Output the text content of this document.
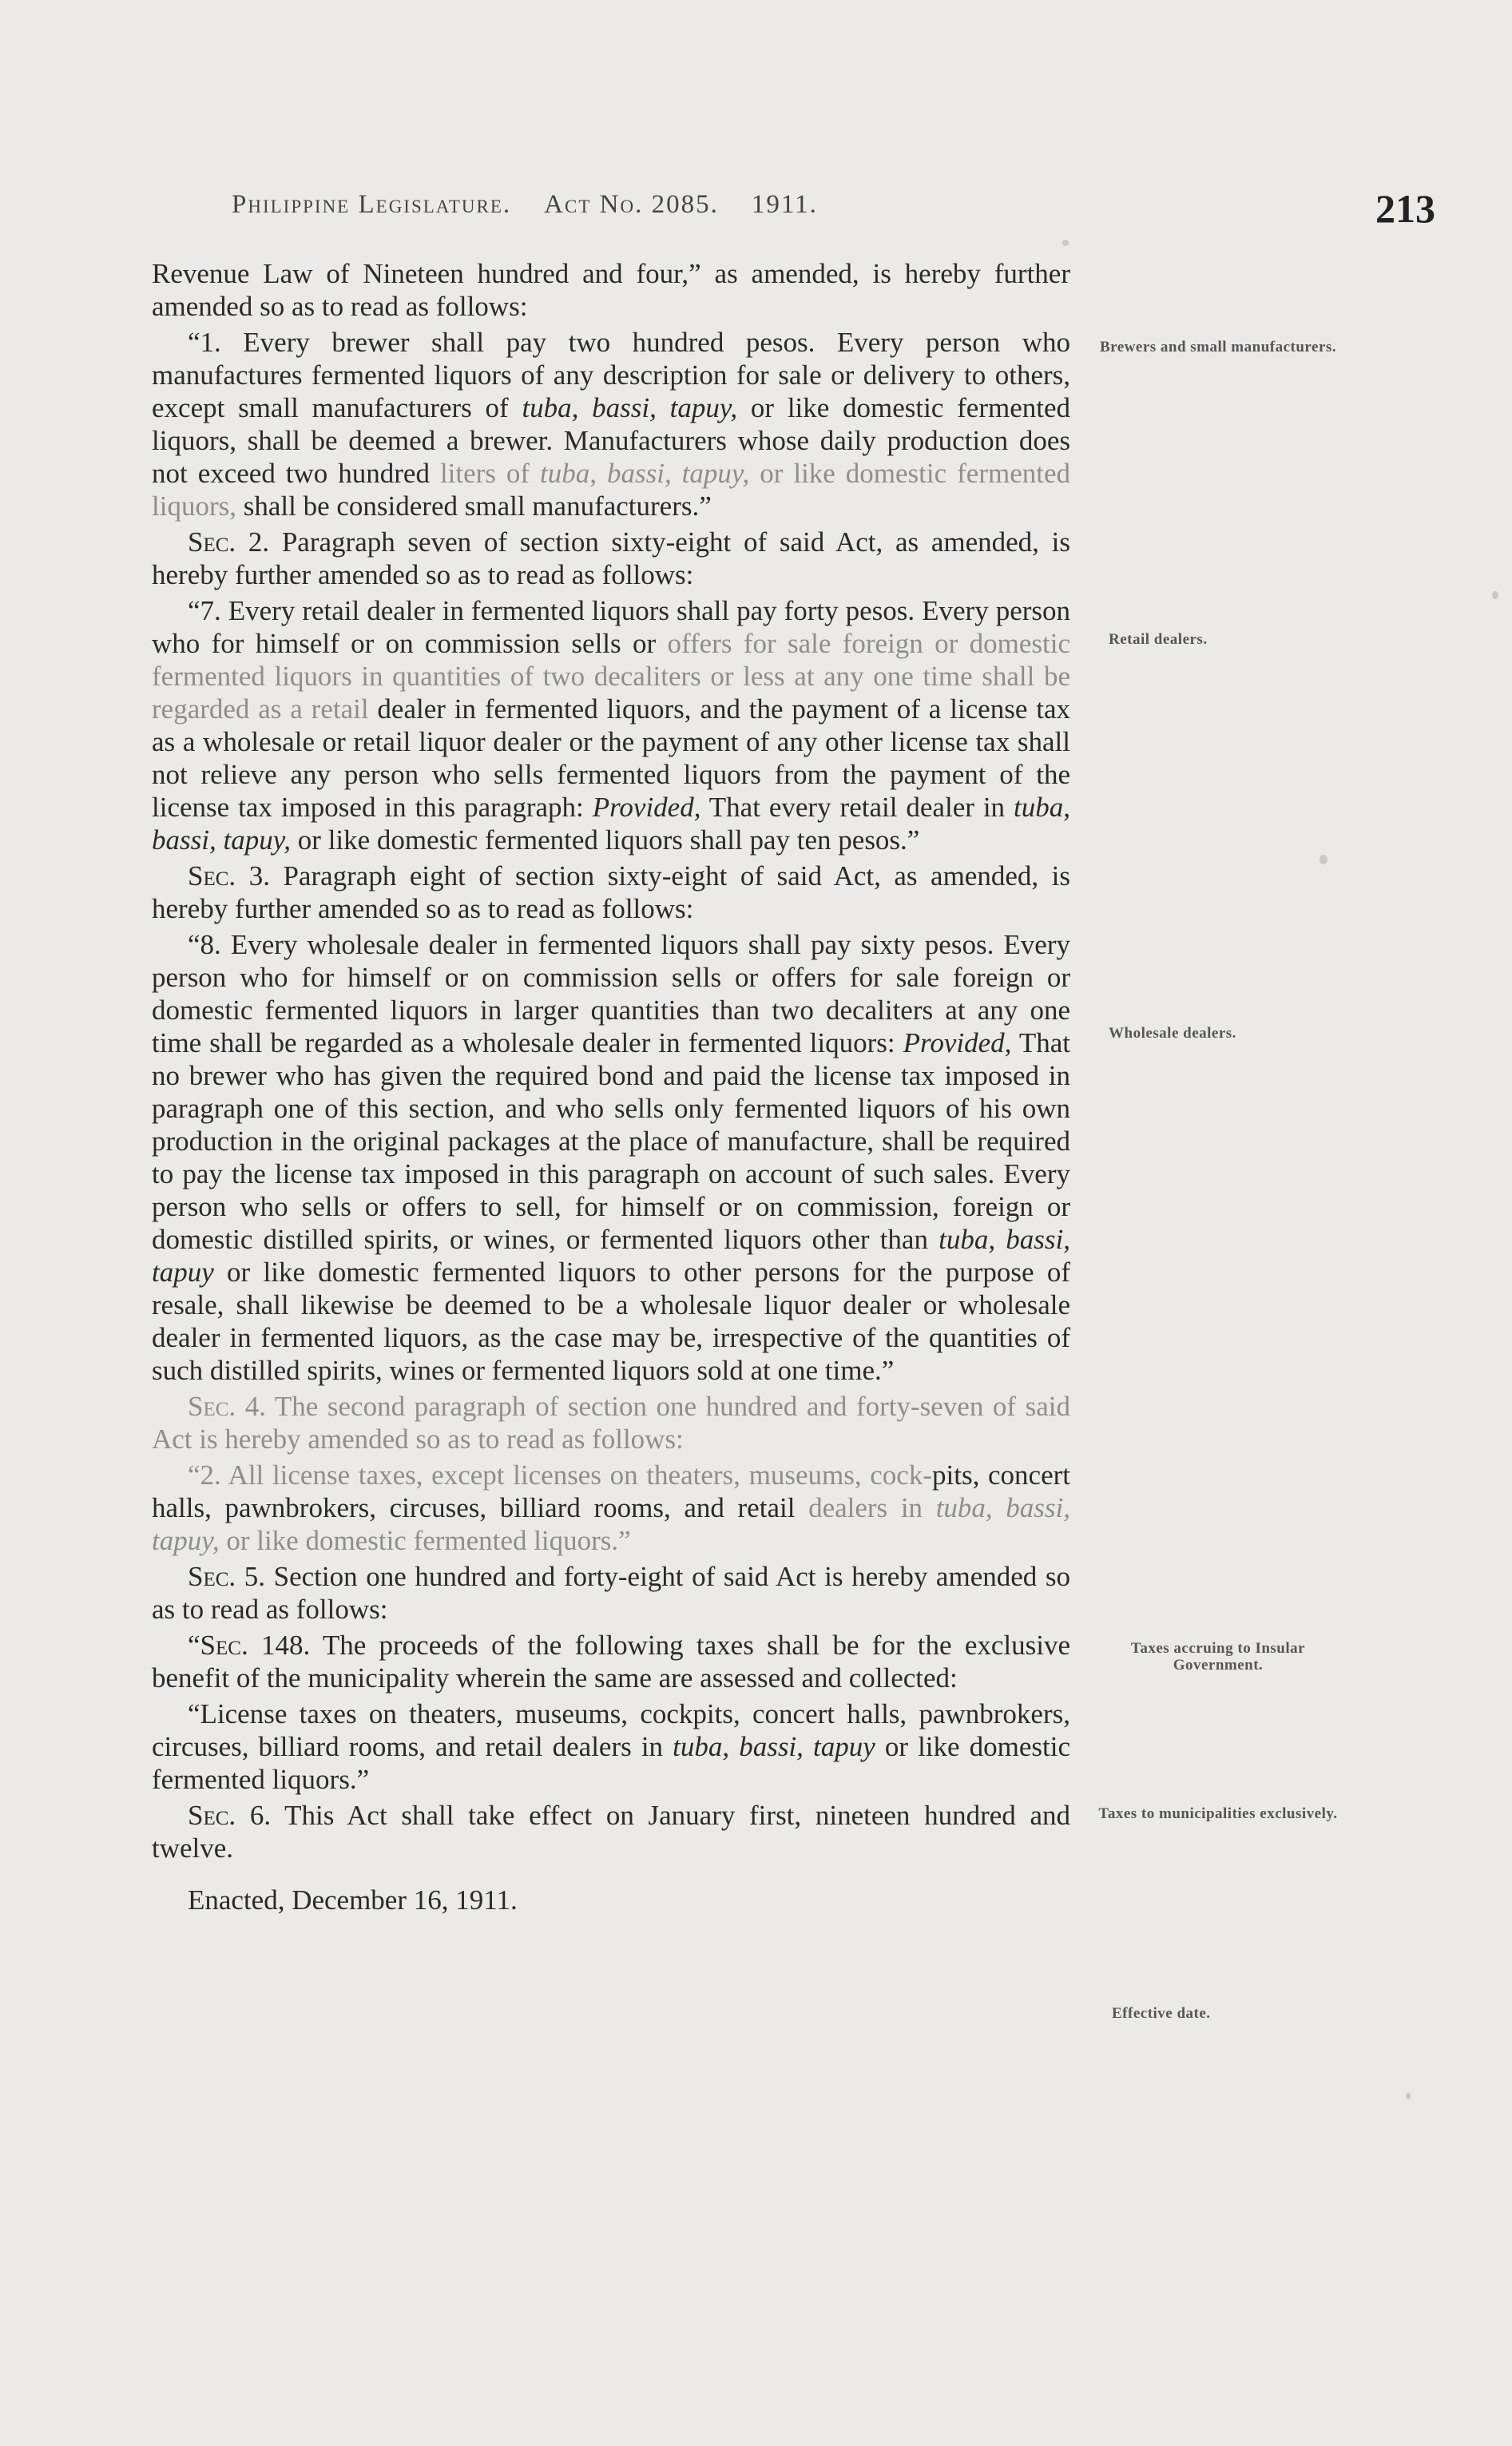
Philippine Legislature. Act No. 2085. 1911.	213

Revenue Law of Nineteen hundred and four,” as amended, is hereby further amended so as to read as follows:

“1. Every brewer shall pay two hundred pesos. Every person who manufactures fermented liquors of any description for sale or delivery to others, except small manufacturers of tuba, bassi, tapuy, or like domestic fermented liquors, shall be deemed a brewer. Manufacturers whose daily production does not exceed two hundred liters of tuba, bassi, tapuy, or like domestic fermented liquors, shall be considered small manufacturers.”

Sec. 2. Paragraph seven of section sixty-eight of said Act, as amended, is hereby further amended so as to read as follows:

“7. Every retail dealer in fermented liquors shall pay forty pesos. Every person who for himself or on commission sells or offers for sale foreign or domestic fermented liquors in quantities of two decaliters or less at any one time shall be regarded as a retail dealer in fermented liquors, and the payment of a license tax as a wholesale or retail liquor dealer or the payment of any other license tax shall not relieve any person who sells fermented liquors from the payment of the license tax imposed in this paragraph: Provided, That every retail dealer in tuba, bassi, tapuy, or like domestic fermented liquors shall pay ten pesos.”

Sec. 3. Paragraph eight of section sixty-eight of said Act, as amended, is hereby further amended so as to read as follows:

“8. Every wholesale dealer in fermented liquors shall pay sixty pesos. Every person who for himself or on commission sells or offers for sale foreign or domestic fermented liquors in larger quantities than two decaliters at any one time shall be regarded as a wholesale dealer in fermented liquors: Provided, That no brewer who has given the required bond and paid the license tax imposed in paragraph one of this section, and who sells only fermented liquors of his own production in the original packages at the place of manufacture, shall be required to pay the license tax imposed in this paragraph on account of such sales. Every person who sells or offers to sell, for himself or on commission, foreign or domestic distilled spirits, or wines, or fermented liquors other than tuba, bassi, tapuy or like domestic fermented liquors to other persons for the purpose of resale, shall likewise be deemed to be a wholesale liquor dealer or wholesale dealer in fermented liquors, as the case may be, irrespective of the quantities of such distilled spirits, wines or fermented liquors sold at one time.”

Sec. 4. The second paragraph of section one hundred and forty-seven of said Act is hereby amended so as to read as follows:

“2. All license taxes, except licenses on theaters, museums, cock-pits, concert halls, pawnbrokers, circuses, billiard rooms, and retail dealers in tuba, bassi, tapuy, or like domestic fermented liquors.”

Sec. 5. Section one hundred and forty-eight of said Act is hereby amended so as to read as follows:

“Sec. 148. The proceeds of the following taxes shall be for the exclusive benefit of the municipality wherein the same are assessed and collected:

“License taxes on theaters, museums, cockpits, concert halls, pawnbrokers, circuses, billiard rooms, and retail dealers in tuba, bassi, tapuy or like domestic fermented liquors.”

Sec. 6. This Act shall take effect on January first, nineteen hundred and twelve.

Enacted, December 16, 1911.

Brewers and small manufacturers.
Retail dealers.
Wholesale dealers.
Taxes accruing to Insular Government.
Taxes to municipalities exclusively.
Effective date.
